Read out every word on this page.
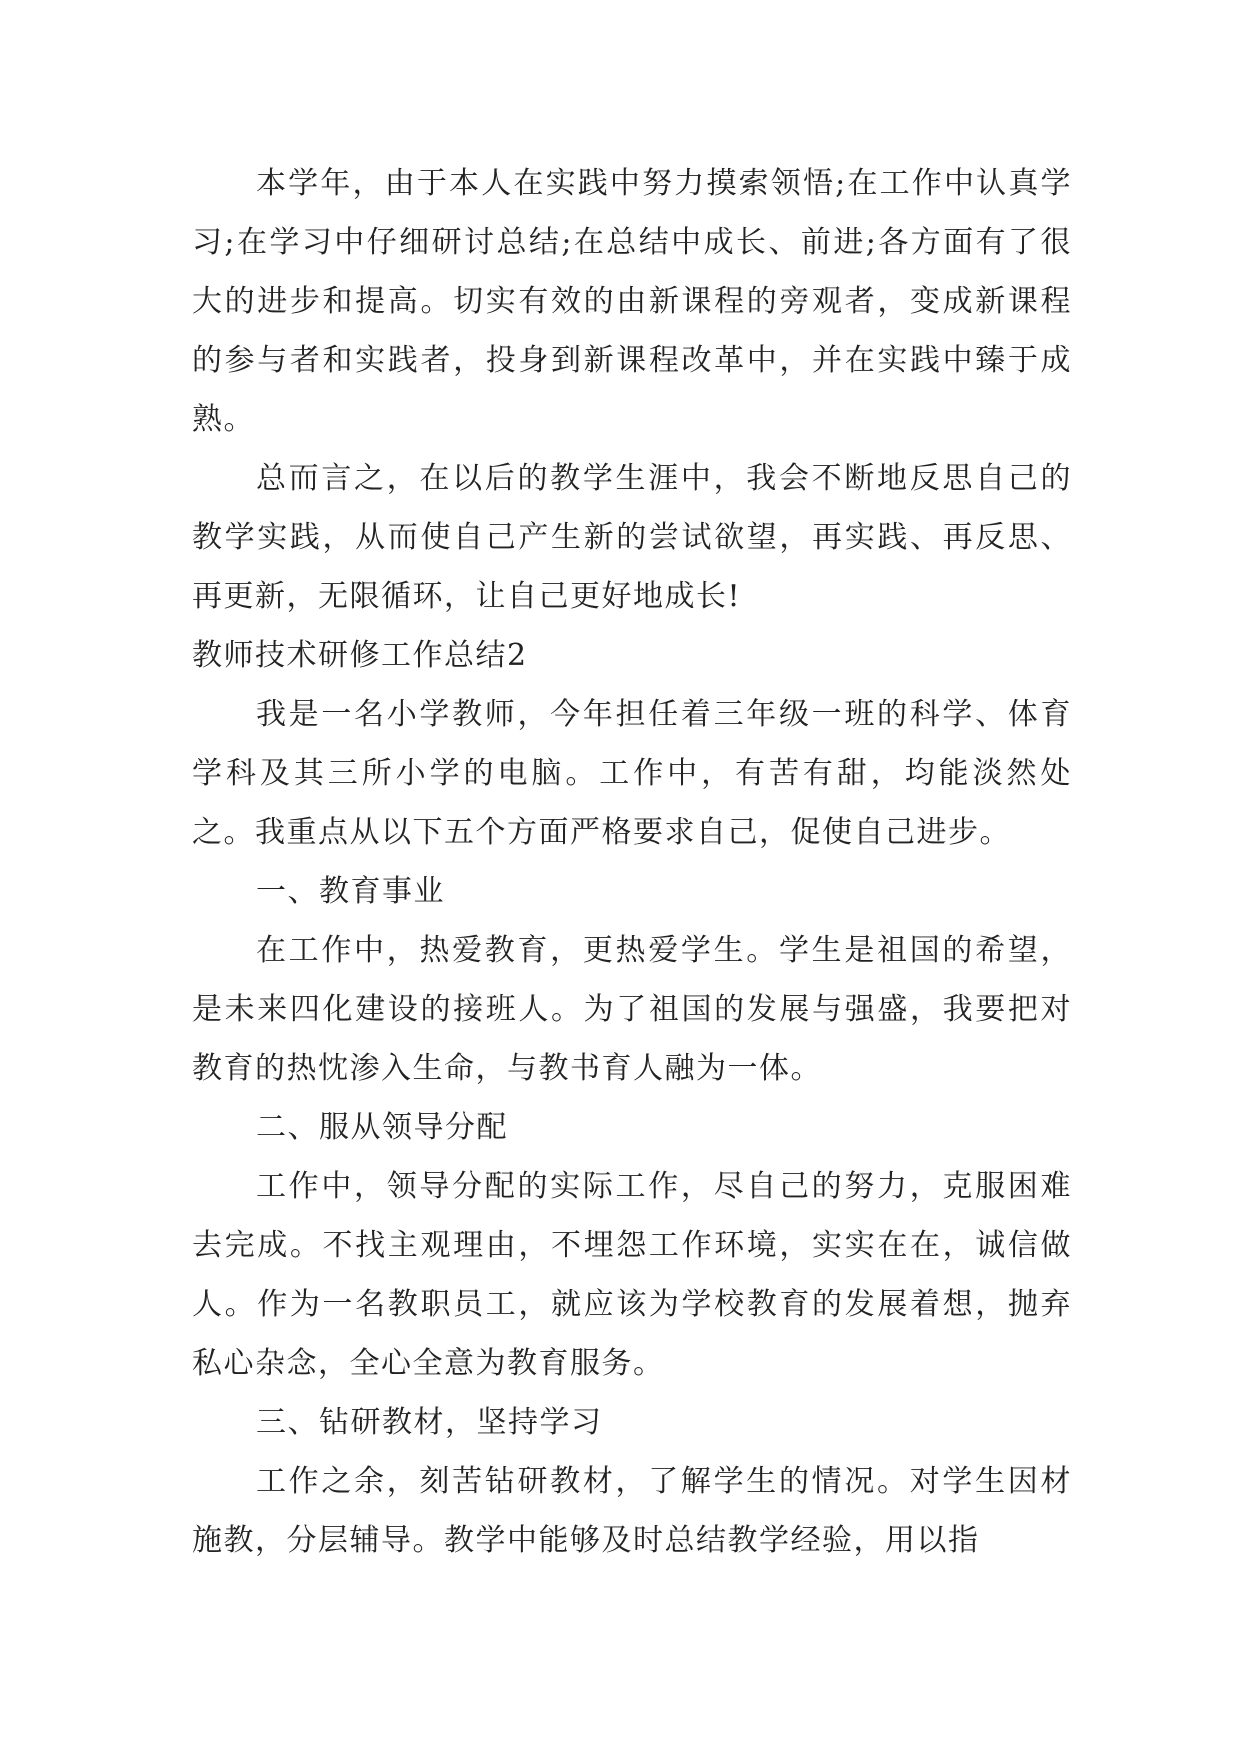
本学年，由于本人在实践中努力摸索领悟;在工作中认真学习;在学习中仔细研讨总结;在总结中成长、前进;各方面有了很大的进步和提高。切实有效的由新课程的旁观者，变成新课程的参与者和实践者，投身到新课程改革中，并在实践中臻于成熟。

总而言之，在以后的教学生涯中，我会不断地反思自己的教学实践，从而使自己产生新的尝试欲望，再实践、再反思、再更新，无限循环，让自己更好地成长!

教师技术研修工作总结2

我是一名小学教师，今年担任着三年级一班的科学、体育学科及其三所小学的电脑。工作中，有苦有甜，均能淡然处之。我重点从以下五个方面严格要求自己，促使自己进步。

一、教育事业

在工作中，热爱教育，更热爱学生。学生是祖国的希望，是未来四化建设的接班人。为了祖国的发展与强盛，我要把对教育的热忱渗入生命，与教书育人融为一体。

二、服从领导分配

工作中，领导分配的实际工作，尽自己的努力，克服困难去完成。不找主观理由，不埋怨工作环境，实实在在，诚信做人。作为一名教职员工，就应该为学校教育的发展着想，抛弃私心杂念，全心全意为教育服务。

三、钻研教材，坚持学习

工作之余，刻苦钻研教材，了解学生的情况。对学生因材施教，分层辅导。教学中能够及时总结教学经验，用以指
